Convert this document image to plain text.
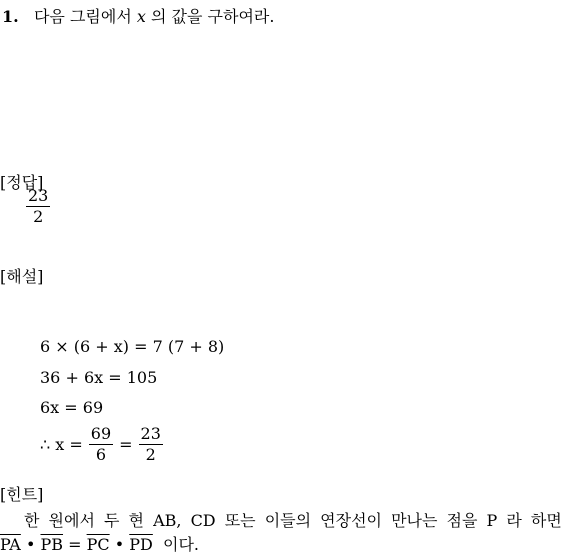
1. 다음 그림에서 x 의 값을 구하여라.
[정답]
$\frac{23}{2}$
[해설]
6 × (6 + x) = 7 (7 + 8)
36 + 6x = 105
6x = 69
∴ $x = \frac{69}{6} = \frac{23}{2}$
[힌트]
한 원에서 두 현 AB, CD 또는 이들의 연장선이 만나는 점을 P 라 하면
$\overline{PA}$ • $\overline{PB} = \overline{PC}$ • $\overline{PD}$ 이다.
